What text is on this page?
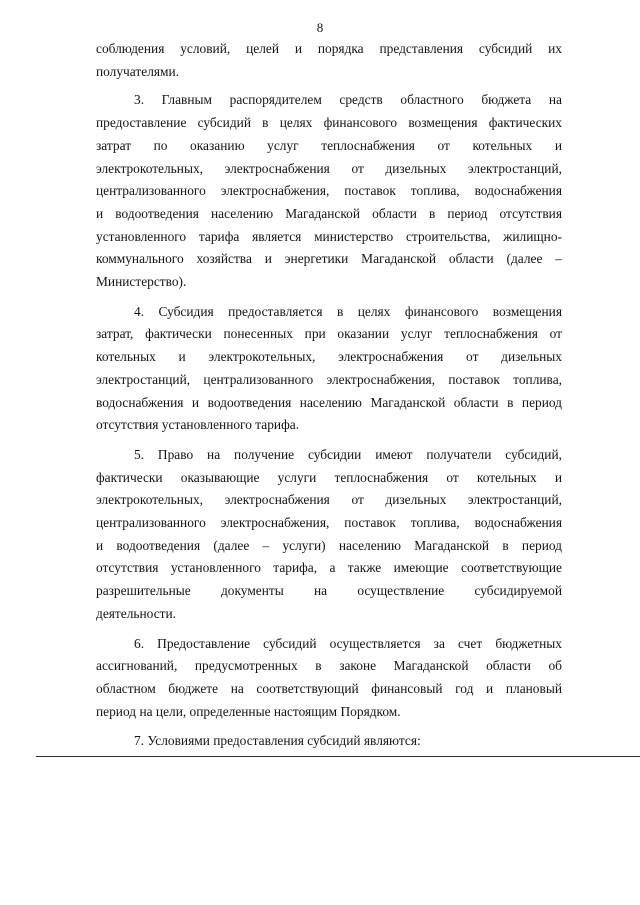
8
соблюдения условий, целей и порядка представления субсидий их
получателями.
3. Главным распорядителем средств областного бюджета на
предоставление субсидий в целях финансового возмещения фактических
затрат по оказанию услуг теплоснабжения от котельных и
электрокотельных, электроснабжения от дизельных электростанций,
централизованного электроснабжения, поставок топлива, водоснабжения
и водоотведения населению Магаданской области в период отсутствия
установленного тарифа является министерство строительства, жилищно-
коммунального хозяйства и энергетики Магаданской области (далее –
Министерство).
4. Субсидия предоставляется в целях финансового возмещения
затрат, фактически понесенных при оказании услуг теплоснабжения от
котельных и электрокотельных, электроснабжения от дизельных
электростанций, централизованного электроснабжения, поставок топлива,
водоснабжения и водоотведения населению Магаданской области в период
отсутствия установленного тарифа.
5. Право на получение субсидии имеют получатели субсидий,
фактически оказывающие услуги теплоснабжения от котельных и
электрокотельных, электроснабжения от дизельных электростанций,
централизованного электроснабжения, поставок топлива, водоснабжения
и водоотведения (далее – услуги) населению Магаданской в период
отсутствия установленного тарифа, а также имеющие соответствующие
разрешительные документы на осуществление субсидируемой
деятельности.
6. Предоставление субсидий осуществляется за счет бюджетных
ассигнований, предусмотренных в законе Магаданской области об
областном бюджете на соответствующий финансовый год и плановый
период на цели, определенные настоящим Порядком.
7. Условиями предоставления субсидий являются:
